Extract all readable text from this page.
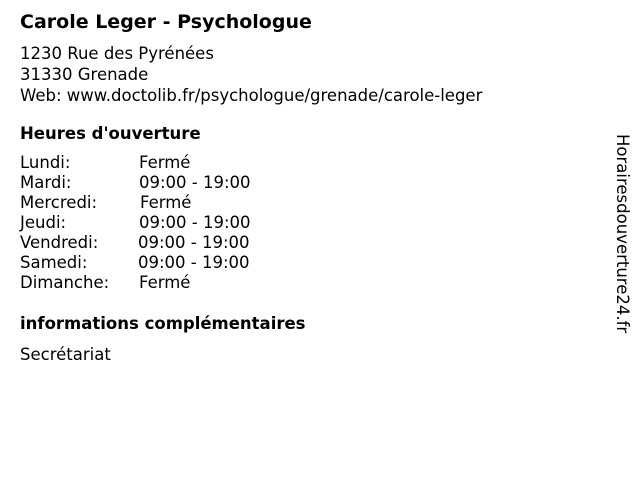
Carole Leger - Psychologue
1230 Rue des Pyrénées
31330 Grenade
Web: www.doctolib.fr/psychologue/grenade/carole-leger
Heures d'ouverture
Lundi:	Fermé
Mardi:	09:00 - 19:00
Mercredi:	Fermé
Jeudi:	09:00 - 19:00
Vendredi: 09:00 - 19:00
Samedi:	09:00 - 19:00
Dimanche: Fermé
informations complémentaires
Secrétariat
Horairesdouverture24.fr
